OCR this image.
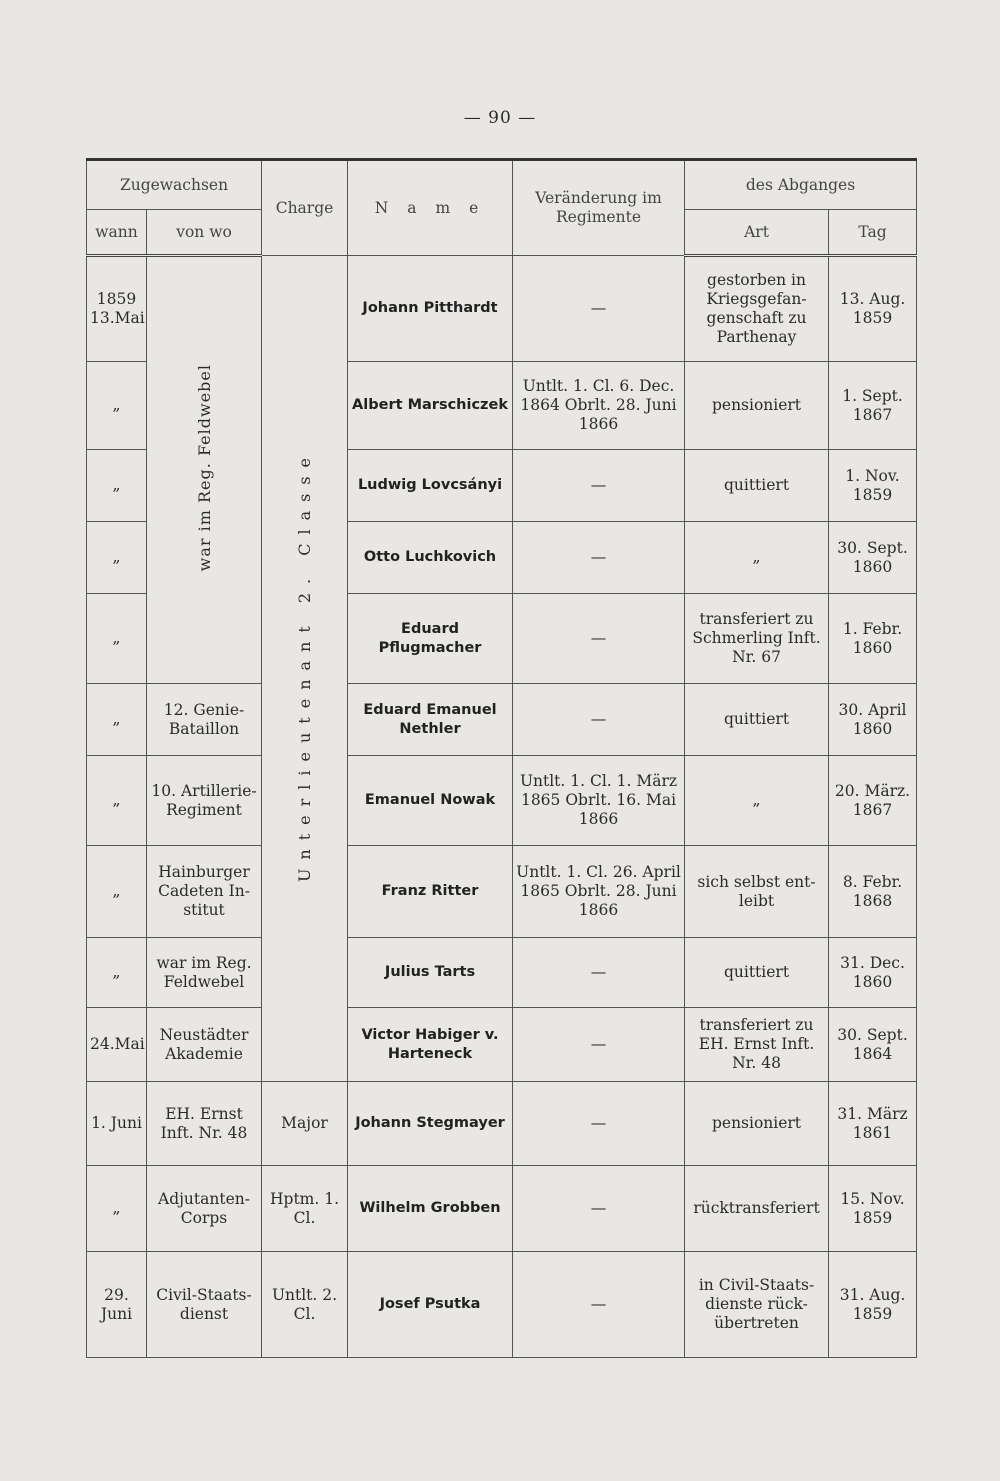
— 90 —
Zugewachsen		Charge	N a m e	Veränderung im Regimente	des Abganges	
wann	von wo				Art	Tag
1859 13.Mai	war im Reg. Feldwebel	Unterlieutenant 2. Classe	Johann Pitthardt	—	gestorben in Kriegsgefan-genschaft zu Parthenay	13. Aug. 1859
„			Albert Marschiczek	Untlt. 1. Cl. 6. Dec. 1864 Obrlt. 28. Juni 1866	pensioniert	1. Sept. 1867
„			Ludwig Lovcsányi	—	quittiert	1. Nov. 1859
„			Otto Luchkovich	—	„	30. Sept. 1860
„			Eduard Pflugmacher	—	transferiert zu Schmerling Inft. Nr. 67	1. Febr. 1860
„	12. Genie-Bataillon		Eduard Emanuel Nethler	—	quittiert	30. April 1860
„	10. Artillerie-Regiment		Emanuel Nowak	Untlt. 1. Cl. 1. März 1865 Obrlt. 16. Mai 1866	„	20. März. 1867
„	Hainburger Cadeten In-stitut		Franz Ritter	Untlt. 1. Cl. 26. April 1865 Obrlt. 28. Juni 1866	sich selbst ent-leibt	8. Febr. 1868
„	war im Reg. Feldwebel		Julius Tarts	—	quittiert	31. Dec. 1860
24.Mai	Neustädter Akademie		Victor Habiger v. Harteneck	—	transferiert zu EH. Ernst Inft. Nr. 48	30. Sept. 1864
1. Juni	EH. Ernst Inft. Nr. 48	Major	Johann Stegmayer	—	pensioniert	31. März 1861
„	Adjutanten-Corps	Hptm. 1. Cl.	Wilhelm Grobben	—	rücktransferiert	15. Nov. 1859
29. Juni	Civil-Staats-dienst	Untlt. 2. Cl.	Josef Psutka	—	in Civil-Staats-dienste rück-übertreten	31. Aug. 1859
